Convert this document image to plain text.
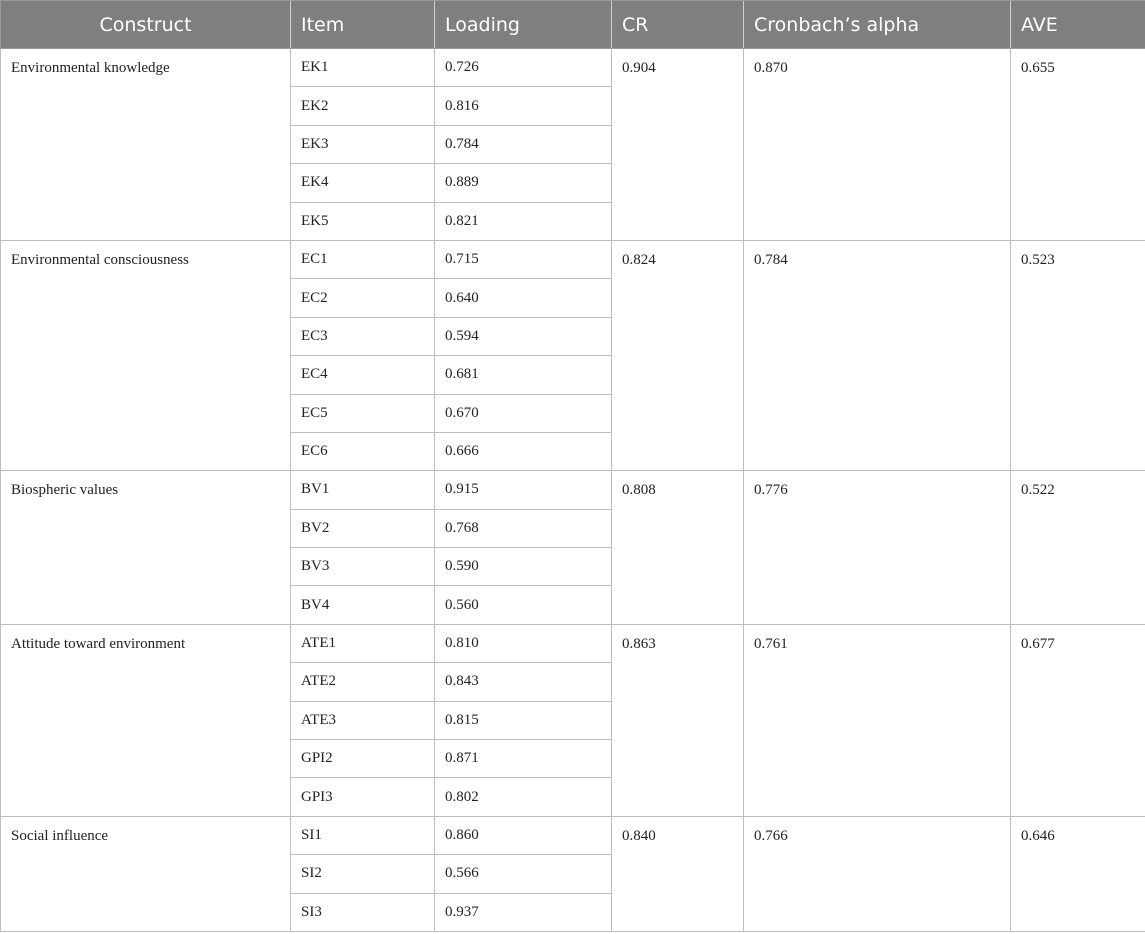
Construct	Item	Loading	CR	Cronbach’s alpha	AVE
Environmental knowledge	EK1	0.726	0.904	0.870	0.655
	EK2	0.816			
	EK3	0.784			
	EK4	0.889			
	EK5	0.821			
Environmental consciousness	EC1	0.715	0.824	0.784	0.523
	EC2	0.640			
	EC3	0.594			
	EC4	0.681			
	EC5	0.670			
	EC6	0.666			
Biospheric values	BV1	0.915	0.808	0.776	0.522
	BV2	0.768			
	BV3	0.590			
	BV4	0.560			
Attitude toward environment	ATE1	0.810	0.863	0.761	0.677
	ATE2	0.843			
	ATE3	0.815			
	GPI2	0.871			
	GPI3	0.802			
Social influence	SI1	0.860	0.840	0.766	0.646
	SI2	0.566			
	SI3	0.937			
